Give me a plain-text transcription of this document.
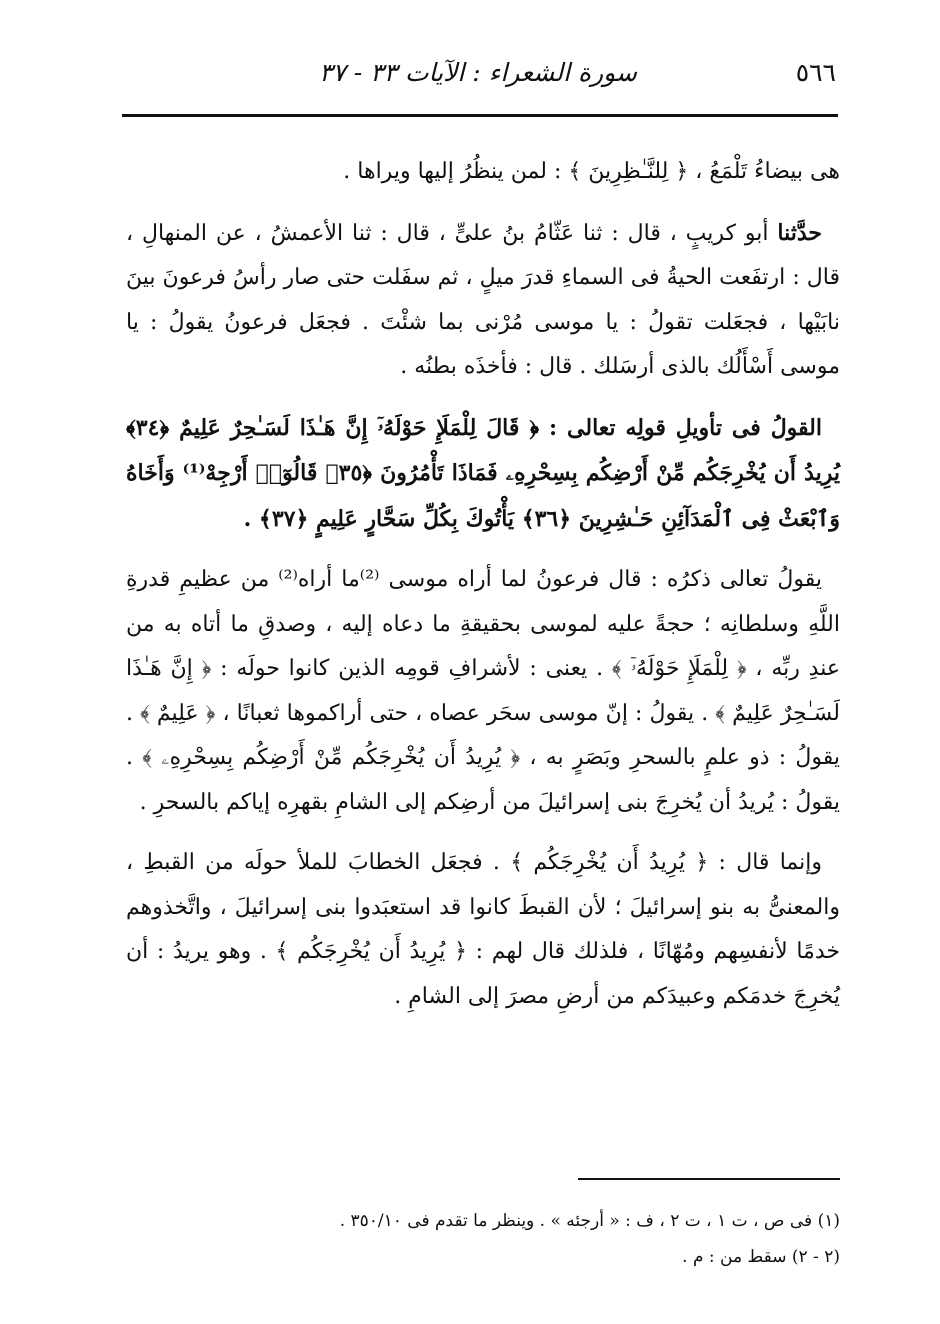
٥٦٦
سورة الشعراء : الآيات ٣٣ - ٣٧

هى بيضاءُ تَلْمَعُ ، ﴿ لِلنَّـٰظِرِينَ ﴾ : لمن ينظُرُ إليها ويراها .

حدَّثنا أبو كريبٍ ، قال : ثنا عَثّامُ بنُ علىٍّ ، قال : ثنا الأعمشُ ، عن المنهالِ ، قال : ارتفَعت الحيةُ فى السماءِ قدرَ ميلٍ ، ثم سفَلت حتى صار رأسُ فرعونَ بينَ نابَيْها ، فجعَلت تقولُ : يا موسى مُرْنى بما شئْتَ . فجعَل فرعونُ يقولُ : يا موسى أَسْأَلُك بالذى أرسَلك . قال : فأخذَه بطنُه .

القولُ فى تأويلِ قولِه تعالى : ﴿ قَالَ لِلْمَلَإِ حَوْلَهُۥٓ إِنَّ هَـٰذَا لَسَـٰحِرٌ عَلِيمٌ ﴿٣٤﴾ يُرِيدُ أَن يُخْرِجَكُم مِّنْ أَرْضِكُم بِسِحْرِهِۦ فَمَاذَا تَأْمُرُونَ ﴿٣٥﴾ قَالُوٓا۟ أَرْجِهْ⁽¹⁾ وَأَخَاهُ وَٱبْعَثْ فِى ٱلْمَدَآئِنِ حَـٰشِرِينَ ﴿٣٦﴾ يَأْتُوكَ بِكُلِّ سَحَّارٍ عَلِيمٍ ﴿٣٧﴾ .

يقولُ تعالى ذكرُه : قال فرعونُ لما أراه موسى ⁽²⁾ما أراه⁽²⁾ من عظيمِ قدرةِ اللَّهِ وسلطانِه ؛ حجةً عليه لموسى بحقيقةِ ما دعاه إليه ، وصدقِ ما أتاه به من عندِ ربِّه ، ﴿ لِلْمَلَإِ حَوْلَهُۥٓ ﴾ . يعنى : لأشرافِ قومِه الذين كانوا حولَه : ﴿ إِنَّ هَـٰذَا لَسَـٰحِرٌ عَلِيمٌ ﴾ . يقولُ : إنّ موسى سحَر عصاه ، حتى أراكموها ثعبانًا ، ﴿ عَلِيمٌ ﴾ . يقولُ : ذو علمٍ بالسحرِ وبَصَرٍ به ، ﴿ يُرِيدُ أَن يُخْرِجَكُم مِّنْ أَرْضِكُم بِسِحْرِهِۦ ﴾ . يقولُ : يُريدُ أن يُخرِجَ بنى إسرائيلَ من أرضِكم إلى الشامِ بقهرِه إياكم بالسحرِ .

وإنما قال : ﴿ يُرِيدُ أَن يُخْرِجَكُم ﴾ . فجعَل الخطابَ للملأ حولَه من القبطِ ، والمعنىُّ به بنو إسرائيلَ ؛ لأن القبطَ كانوا قد استعبَدوا بنى إسرائيلَ ، واتَّخذوهم خدمًا لأنفسِهم ومُهّانًا ، فلذلك قال لهم : ﴿ يُرِيدُ أَن يُخْرِجَكُم ﴾ . وهو يريدُ : أن يُخرِجَ خدمَكم وعبيدَكم من أرضِ مصرَ إلى الشامِ .

(١) فى ص ، ت ١ ، ت ٢ ، ف : « أرجئه » . وينظر ما تقدم فى ٣٥٠/١٠ .

(٢ - ٢) سقط من : م .
